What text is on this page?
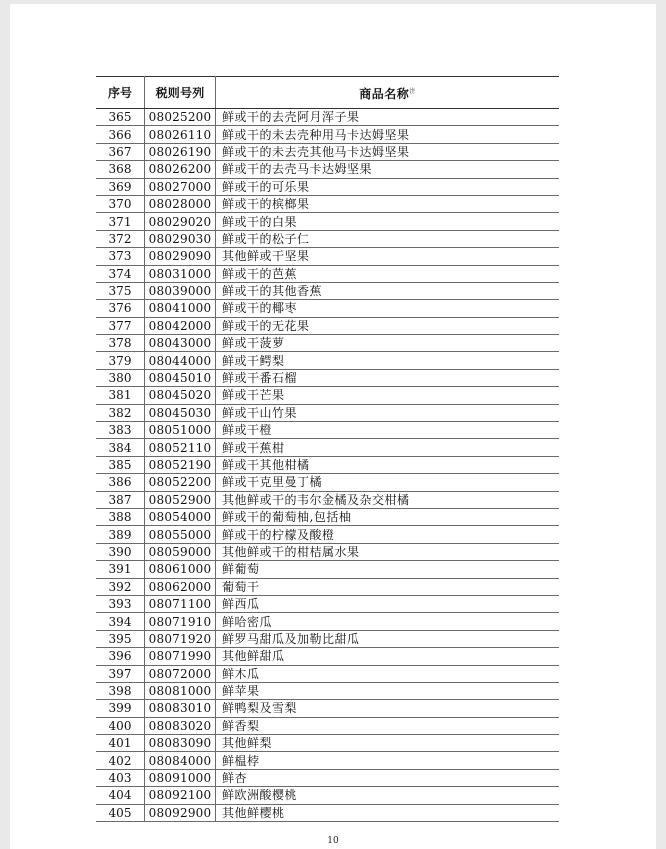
序号	税则号列	商品名称$^注$
365	08025200	鲜或干的去壳阿月浑子果
366	08026110	鲜或干的未去壳种用马卡达姆坚果
367	08026190	鲜或干的未去壳其他马卡达姆坚果
368	08026200	鲜或干的去壳马卡达姆坚果
369	08027000	鲜或干的可乐果
370	08028000	鲜或干的槟榔果
371	08029020	鲜或干的白果
372	08029030	鲜或干的松子仁
373	08029090	其他鲜或干坚果
374	08031000	鲜或干的芭蕉
375	08039000	鲜或干的其他香蕉
376	08041000	鲜或干的椰枣
377	08042000	鲜或干的无花果
378	08043000	鲜或干菠萝
379	08044000	鲜或干鳄梨
380	08045010	鲜或干番石榴
381	08045020	鲜或干芒果
382	08045030	鲜或干山竹果
383	08051000	鲜或干橙
384	08052110	鲜或干蕉柑
385	08052190	鲜或干其他柑橘
386	08052200	鲜或干克里曼丁橘
387	08052900	其他鲜或干的韦尔金橘及杂交柑橘
388	08054000	鲜或干的葡萄柚,包括柚
389	08055000	鲜或干的柠檬及酸橙
390	08059000	其他鲜或干的柑桔属水果
391	08061000	鲜葡萄
392	08062000	葡萄干
393	08071100	鲜西瓜
394	08071910	鲜哈密瓜
395	08071920	鲜罗马甜瓜及加勒比甜瓜
396	08071990	其他鲜甜瓜
397	08072000	鲜木瓜
398	08081000	鲜苹果
399	08083010	鲜鸭梨及雪梨
400	08083020	鲜香梨
401	08083090	其他鲜梨
402	08084000	鲜榅桲
403	08091000	鲜杏
404	08092100	鲜欧洲酸樱桃
405	08092900	其他鲜樱桃
10
